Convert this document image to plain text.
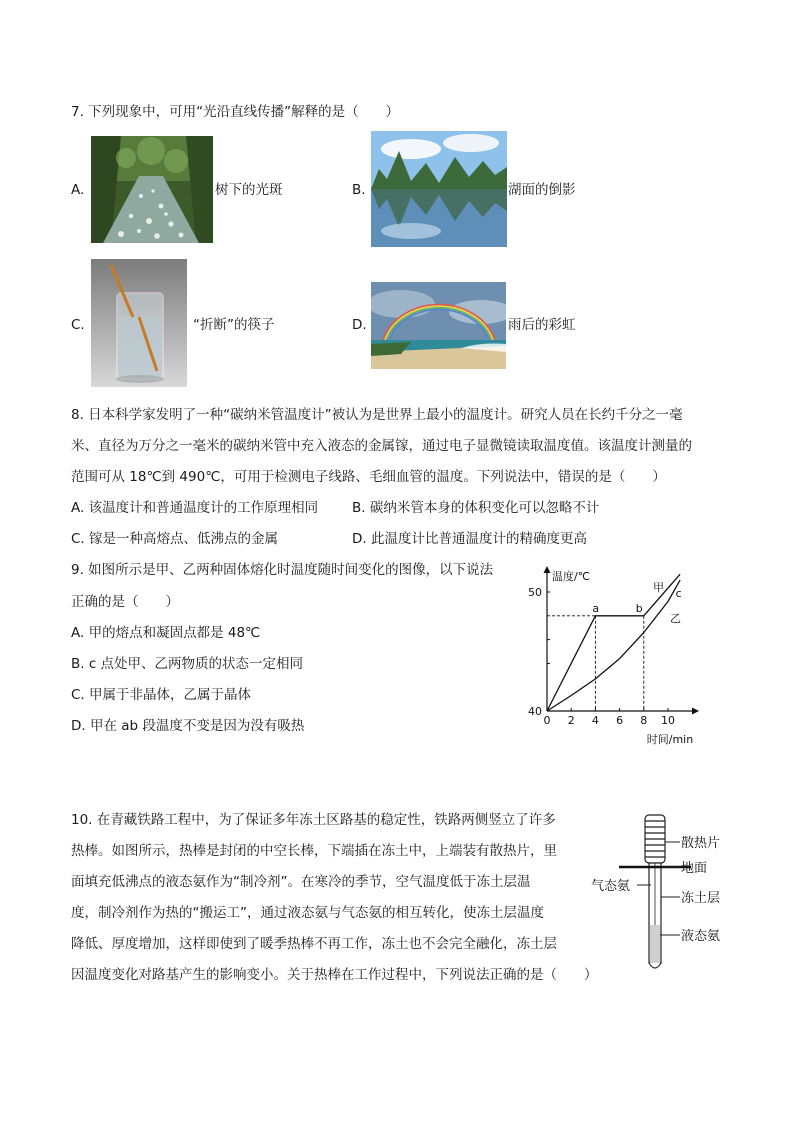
7. 下列现象中，可用“光沿直线传播”解释的是（　　）
A.	树下的光斑	B.	湖面的倒影
C.	“折断”的筷子	D.	雨后的彩虹
8. 日本科学家发明了一种“碳纳米管温度计”被认为是世界上最小的温度计。研究人员在长约千分之一毫
米、直径为万分之一毫米的碳纳米管中充入液态的金属镓，通过电子显微镜读取温度值。该温度计测量的
范围可从 18℃到 490℃，可用于检测电子线路、毛细血管的温度。下列说法中，错误的是（　　）
A. 该温度计和普通温度计的工作原理相同	B. 碳纳米管本身的体积变化可以忽略不计
C. 镓是一种高熔点、低沸点的金属	D. 此温度计比普通温度计的精确度更高
9. 如图所示是甲、乙两种固体熔化时温度随时间变化的图像，以下说法
正确的是（　　）
A. 甲的熔点和凝固点都是 48℃
B. c 点处甲、乙两物质的状态一定相同
C. 甲属于非晶体，乙属于晶体
D. 甲在 ab 段温度不变是因为没有吸热	0 2 4 6 8 10
40
50
温度/℃
时间/min
甲
乙
a	b
c
10. 在青藏铁路工程中，为了保证多年冻土区路基的稳定性，铁路两侧竖立了许多
热棒。如图所示，热棒是封闭的中空长棒，下端插在冻土中，上端装有散热片，里
面填充低沸点的液态氨作为“制冷剂”。在寒冷的季节，空气温度低于冻土层温
度，制冷剂作为热的“搬运工”，通过液态氨与气态氨的相互转化，使冻土层温度
降低、厚度增加，这样即使到了暖季热棒不再工作，冻土也不会完全融化，冻土层
因温度变化对路基产生的影响变小。关于热棒在工作过程中，下列说法正确的是（　　）
散热片
地面
气态氨
冻土层
液态氨
